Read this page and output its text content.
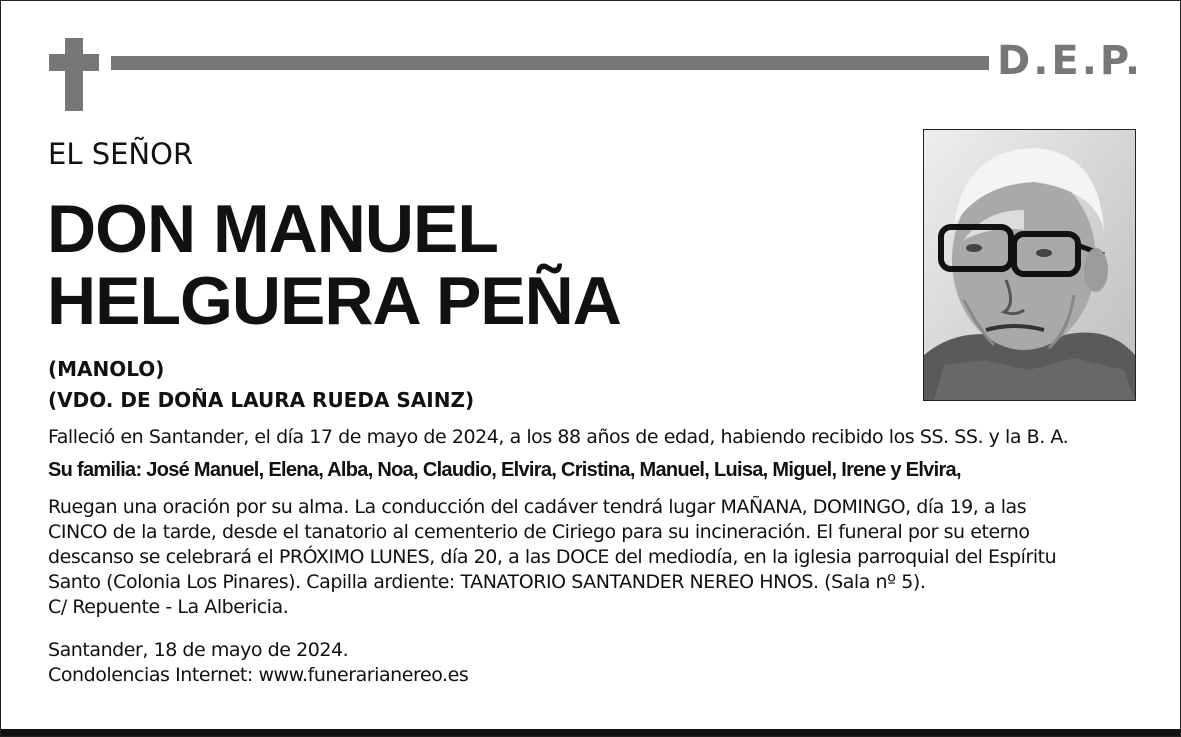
D.E.P.
EL SEÑOR
DON MANUEL
HELGUERA PEÑA
(MANOLO)
(VDO. DE DOÑA LAURA RUEDA SAINZ)

Falleció en Santander, el día 17 de mayo de 2024, a los 88 años de edad, habiendo recibido los SS. SS. y la B. A.

Su familia: José Manuel, Elena, Alba, Noa, Claudio, Elvira, Cristina, Manuel, Luisa, Miguel, Irene y Elvira,

Ruegan una oración por su alma. La conducción del cadáver tendrá lugar MAÑANA, DOMINGO, día 19, a las
CINCO de la tarde, desde el tanatorio al cementerio de Ciriego para su incineración. El funeral por su eterno
descanso se celebrará el PRÓXIMO LUNES, día 20, a las DOCE del mediodía, en la iglesia parroquial del Espíritu
Santo (Colonia Los Pinares). Capilla ardiente: TANATORIO SANTANDER NEREO HNOS. (Sala nº 5).
C/ Repuente - La Albericia.

Santander, 18 de mayo de 2024.
Condolencias Internet: www.funerarianereo.es
